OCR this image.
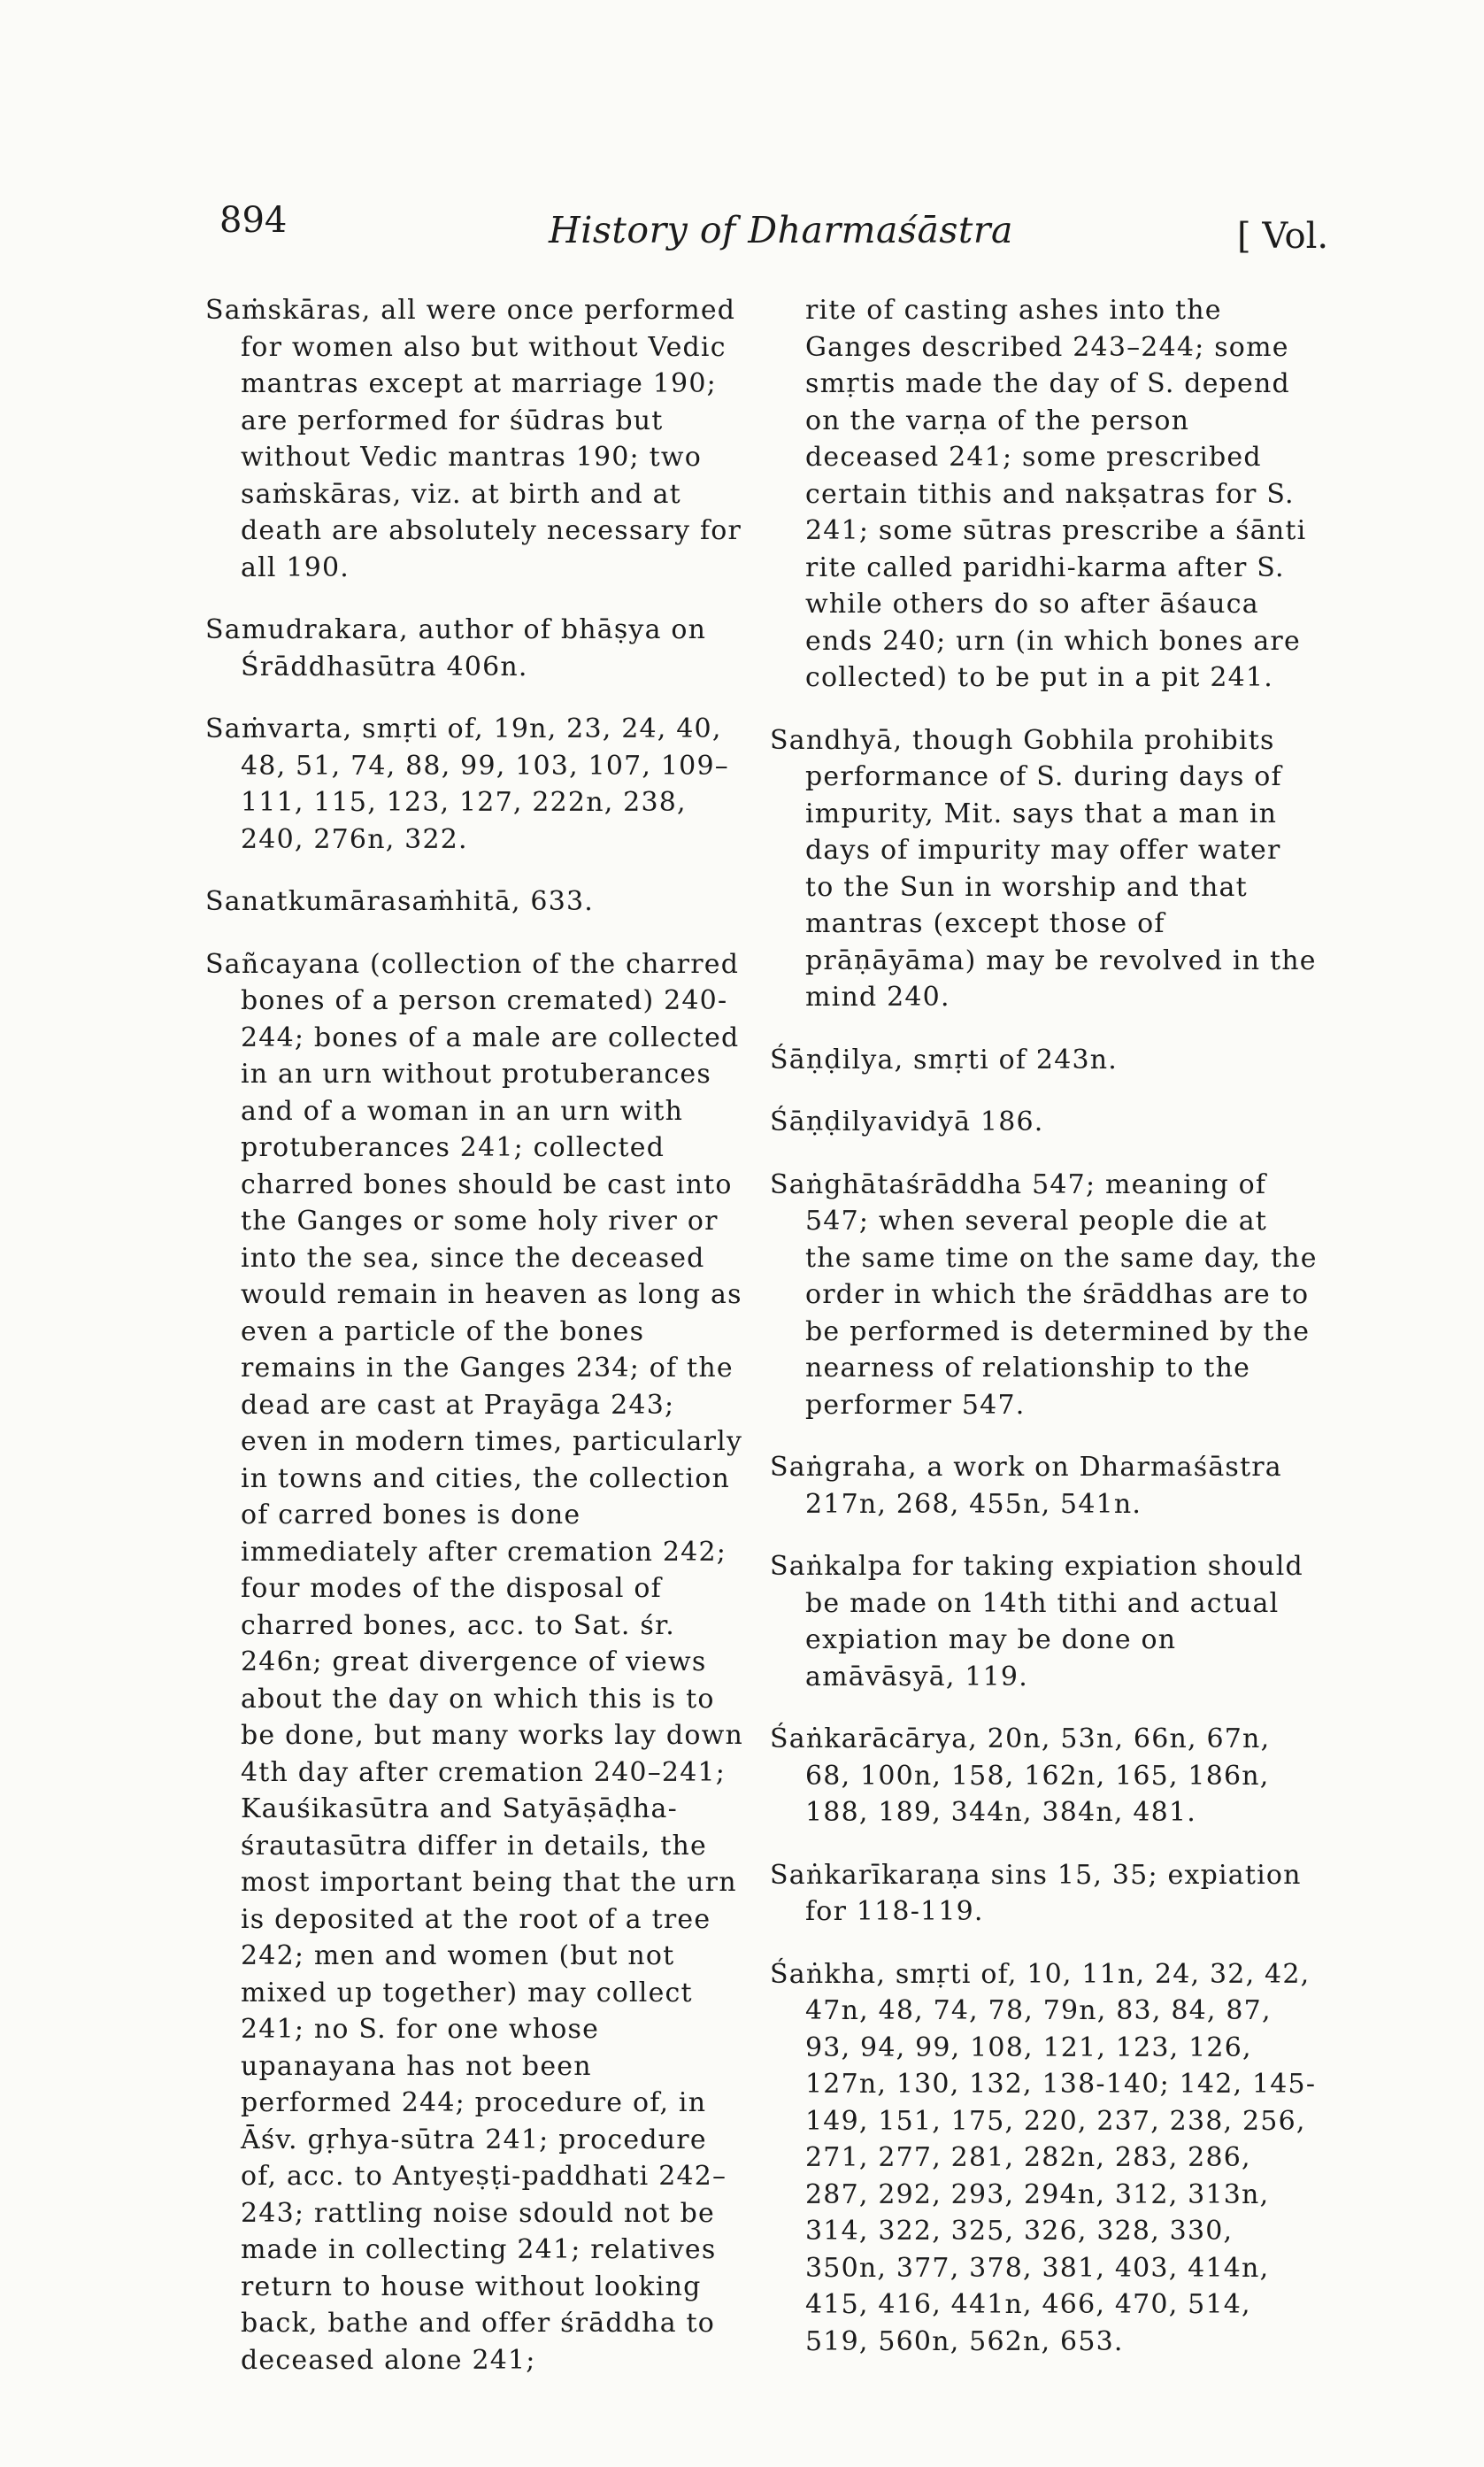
894	History of Dharmaśāstra	[ Vol.

Saṁskāras, all were once performed for women also but without Vedic mantras except at marriage 190; are performed for śūdras but without Vedic mantras 190; two saṁskāras, viz. at birth and at death are absolutely necessary for all 190.

Samudrakara, author of bhāṣya on Śrāddhasūtra 406n.

Saṁvarta, smṛti of, 19n, 23, 24, 40, 48, 51, 74, 88, 99, 103, 107, 109–111, 115, 123, 127, 222n, 238, 240, 276n, 322.

Sanatkumārasaṁhitā, 633.

Sañcayana (collection of the charred bones of a person cremated) 240-244; bones of a male are collected in an urn without protuberances and of a woman in an urn with protuberances 241; collected charred bones should be cast into the Ganges or some holy river or into the sea, since the deceased would remain in heaven as long as even a particle of the bones remains in the Ganges 234; of the dead are cast at Prayāga 243; even in modern times, particularly in towns and cities, the collection of carred bones is done immediately after cremation 242; four modes of the disposal of charred bones, acc. to Sat. śr. 246n; great divergence of views about the day on which this is to be done, but many works lay down 4th day after cremation 240–241; Kauśikasūtra and Satyāṣāḍha-śrautasūtra differ in details, the most important being that the urn is deposited at the root of a tree 242; men and women (but not mixed up together) may collect 241; no S. for one whose upanayana has not been performed 244; procedure of, in Āśv. gṛhya-sūtra 241; procedure of, acc. to Antyeṣṭi-paddhati 242–243; rattling noise sdould not be made in collecting 241; relatives return to house without looking back, bathe and offer śrāddha to deceased alone 241;

rite of casting ashes into the Ganges described 243–244; some smṛtis made the day of S. depend on the varṇa of the person deceased 241; some prescribed certain tithis and nakṣatras for S. 241; some sūtras prescribe a śānti rite called paridhi-karma after S. while others do so after āśauca ends 240; urn (in which bones are collected) to be put in a pit 241.

Sandhyā, though Gobhila prohibits performance of S. during days of impurity, Mit. says that a man in days of impurity may offer water to the Sun in worship and that mantras (except those of prāṇāyāma) may be revolved in the mind 240.

Śāṇḍilya, smṛti of 243n.

Śāṇḍilyavidyā 186.

Saṅghātaśrāddha 547; meaning of 547; when several people die at the same time on the same day, the order in which the śrāddhas are to be performed is determined by the nearness of relationship to the performer 547.

Saṅgraha, a work on Dharmaśāstra 217n, 268, 455n, 541n.

Saṅkalpa for taking expiation should be made on 14th tithi and actual expiation may be done on amāvāsyā, 119.

Śaṅkarācārya, 20n, 53n, 66n, 67n, 68, 100n, 158, 162n, 165, 186n, 188, 189, 344n, 384n, 481.

Saṅkarīkaraṇa sins 15, 35; expiation for 118-119.

Śaṅkha, smṛti of, 10, 11n, 24, 32, 42, 47n, 48, 74, 78, 79n, 83, 84, 87, 93, 94, 99, 108, 121, 123, 126, 127n, 130, 132, 138-140; 142, 145-149, 151, 175, 220, 237, 238, 256, 271, 277, 281, 282n, 283, 286, 287, 292, 293, 294n, 312, 313n, 314, 322, 325, 326, 328, 330, 350n, 377, 378, 381, 403, 414n, 415, 416, 441n, 466, 470, 514, 519, 560n, 562n, 653.
